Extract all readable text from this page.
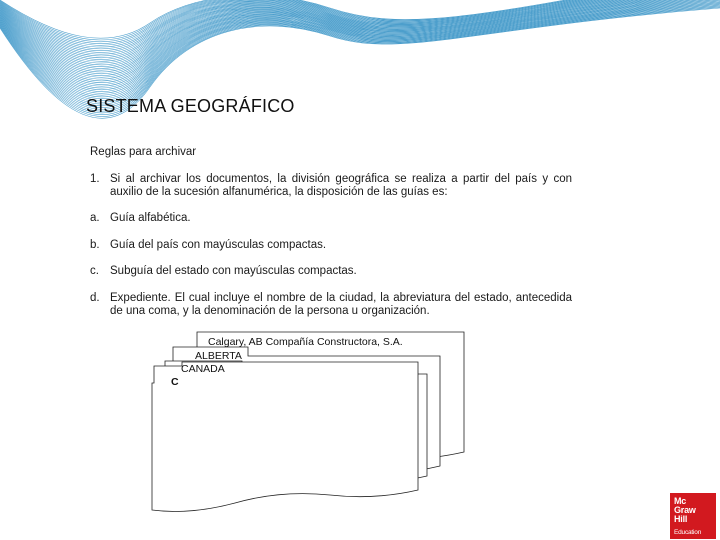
SISTEMA GEOGRÁFICO

Reglas para archivar

1. Si al archivar los documentos, la división geográfica se realiza a partir del país y con auxilio de la sucesión alfanumérica, la disposición de las guías es:
a. Guía alfabética.
b. Guía del país con mayúsculas compactas.
c. Subguía del estado con mayúsculas compactas.
d. Expediente. El cual incluye el nombre de la ciudad, la abreviatura del estado, antecedida de una coma, y la denominación de la persona u organización.
Calgary, AB Compañía Constructora, S.A.
ALBERTA
CANADA
C
Mc
Graw
Hill
Education
